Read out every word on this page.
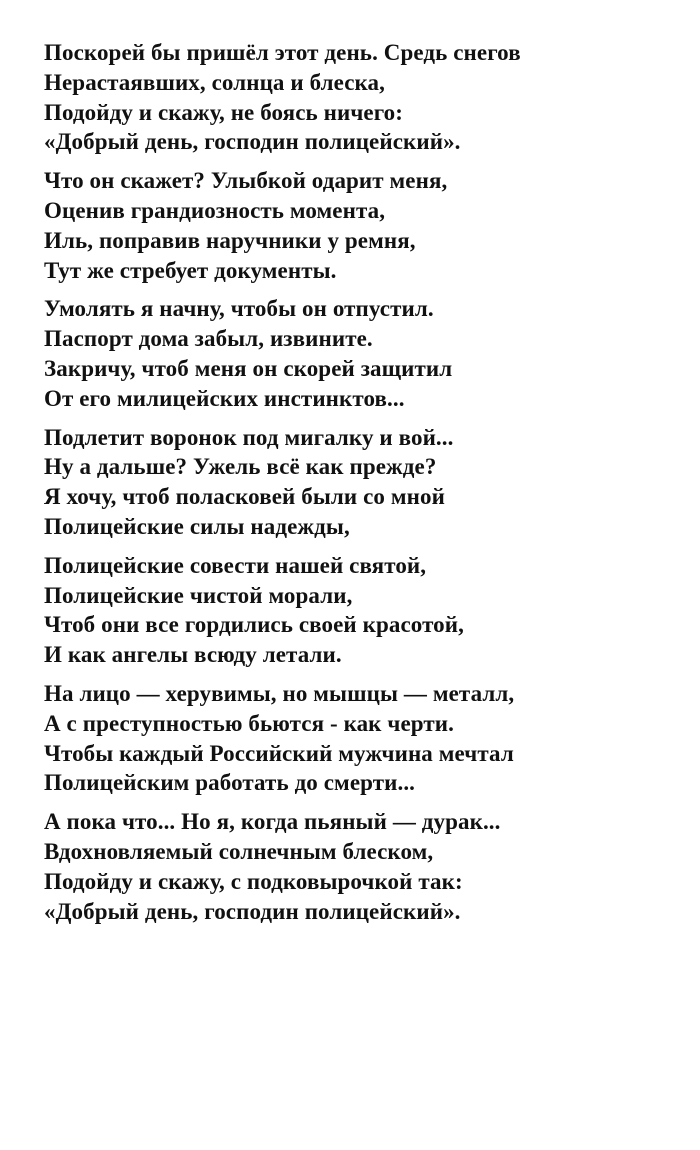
Поскорей бы пришёл этот день. Средь снегов
Нерастаявших, солнца и блеска,
Подойду и скажу, не боясь ничего:
«Добрый день, господин полицейский».
Что он скажет? Улыбкой одарит меня,
Оценив грандиозность момента,
Иль, поправив наручники у ремня,
Тут же стребует документы.
Умолять я начну, чтобы он отпустил.
Паспорт дома забыл, извините.
Закричу, чтоб меня он скорей защитил
От его милицейских инстинктов...
Подлетит воронок под мигалку и вой...
Ну а дальше? Ужель всё как прежде?
Я хочу, чтоб поласковей были со мной
Полицейские силы надежды,
Полицейские совести нашей святой,
Полицейские чистой морали,
Чтоб они все гордились своей красотой,
И как ангелы всюду летали.
На лицо — херувимы, но мышцы — металл,
А с преступностью бьются - как черти.
Чтобы каждый Российский мужчина мечтал
Полицейским работать до смерти...
А пока что... Но я, когда пьяный — дурак...
Вдохновляемый солнечным блеском,
Подойду и скажу, с подковырочкой так:
«Добрый день, господин полицейский».
